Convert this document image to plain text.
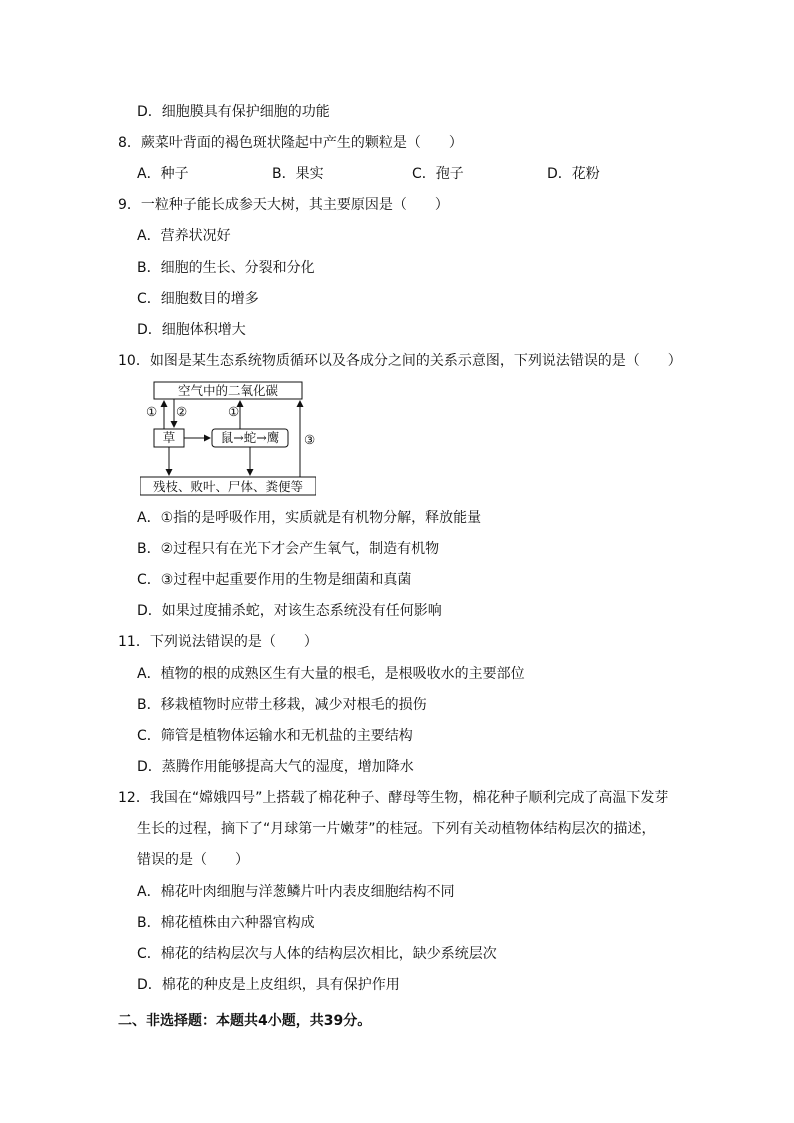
D．细胞膜具有保护细胞的功能
8．蕨菜叶背面的褐色斑状隆起中产生的颗粒是（　　）
A．种子	B．果实	C．孢子	D．花粉
9．一粒种子能长成参天大树，其主要原因是（　　）
A．营养状况好
B．细胞的生长、分裂和分化
C．细胞数目的增多
D．细胞体积增大
10．如图是某生态系统物质循环以及各成分之间的关系示意图，下列说法错误的是（　　）
空气中的二氧化碳
草	鼠→蛇→鹰
残枝、败叶、尸体、粪便等
① ②	①
③
A．①指的是呼吸作用，实质就是有机物分解，释放能量
B．②过程只有在光下才会产生氧气，制造有机物
C．③过程中起重要作用的生物是细菌和真菌
D．如果过度捕杀蛇，对该生态系统没有任何影响
11．下列说法错误的是（　　）
A．植物的根的成熟区生有大量的根毛，是根吸收水的主要部位
B．移栽植物时应带土移栽，减少对根毛的损伤
C．筛管是植物体运输水和无机盐的主要结构
D．蒸腾作用能够提高大气的湿度，增加降水
12．我国在“嫦娥四号”上搭载了棉花种子、酵母等生物，棉花种子顺利完成了高温下发芽
生长的过程，摘下了“月球第一片嫩芽”的桂冠。下列有关动植物体结构层次的描述，
错误的是（　　）
A．棉花叶肉细胞与洋葱鳞片叶内表皮细胞结构不同
B．棉花植株由六种器官构成
C．棉花的结构层次与人体的结构层次相比，缺少系统层次
D．棉花的种皮是上皮组织，具有保护作用
二、非选择题：本题共4小题，共39分。
